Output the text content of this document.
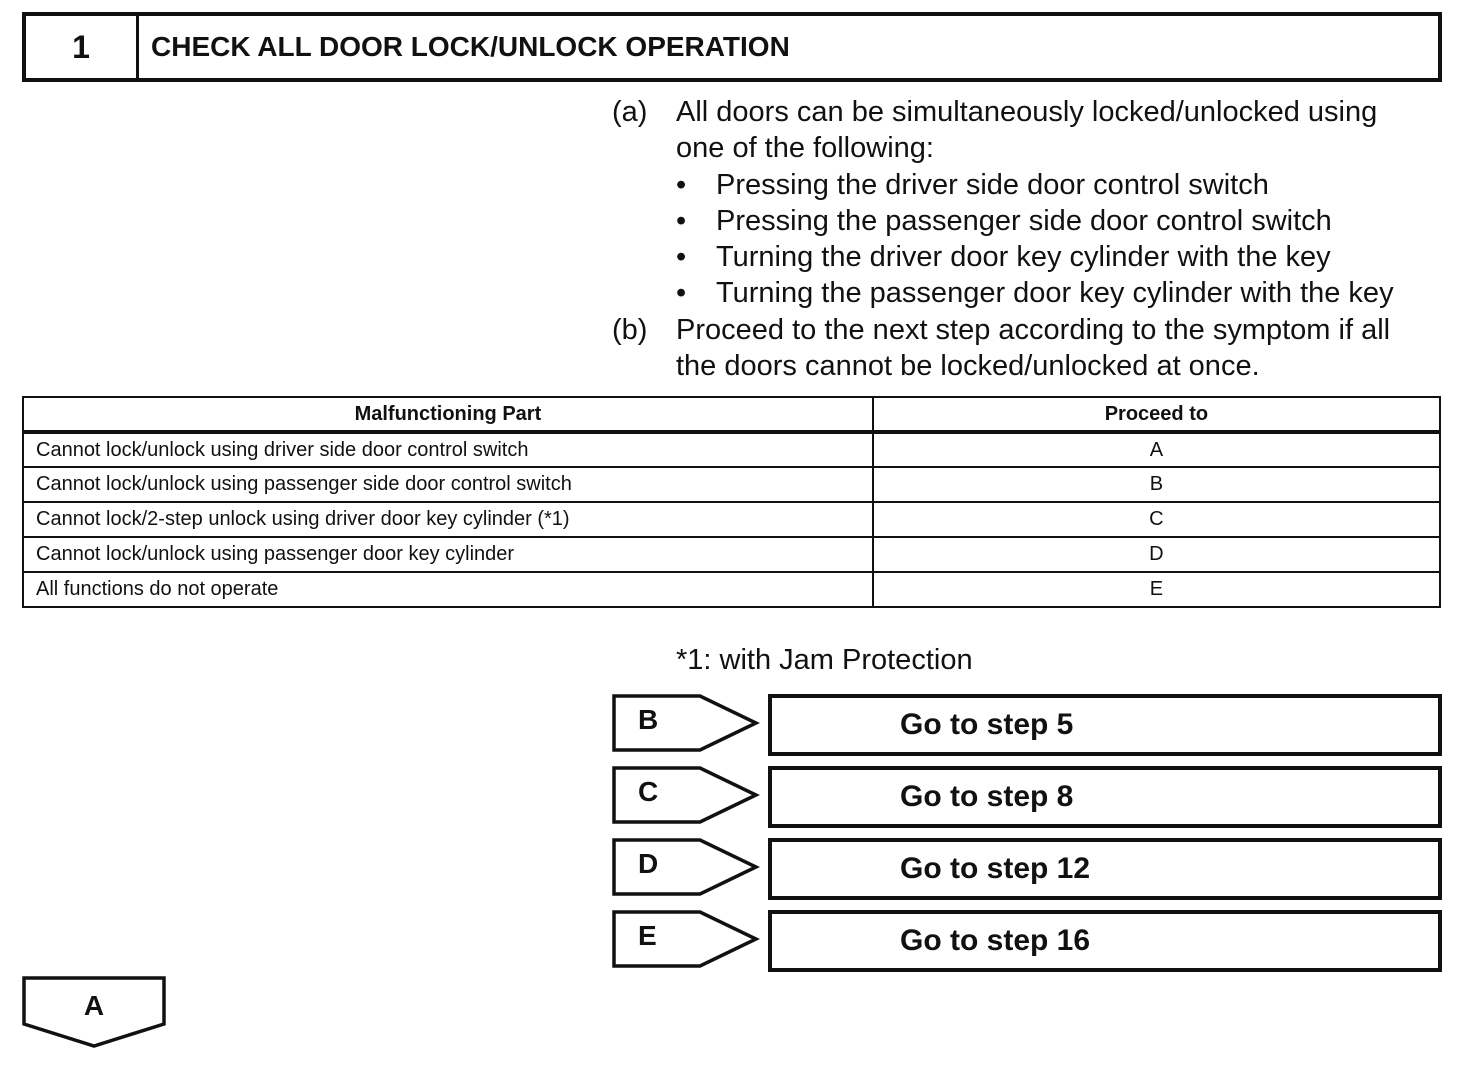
1	CHECK ALL DOOR LOCK/UNLOCK OPERATION
(a) All doors can be simultaneously locked/unlocked using
one of the following:
•	Pressing the driver side door control switch
•	Pressing the passenger side door control switch
•	Turning the driver door key cylinder with the key
•	Turning the passenger door key cylinder with the key
(b) Proceed to the next step according to the symptom if all
the doors cannot be locked/unlocked at once.
Malfunctioning Part	Proceed to
Cannot lock/unlock using driver side door control switch	A
Cannot lock/unlock using passenger side door control switch	B
Cannot lock/2-step unlock using driver door key cylinder (*1)	C
Cannot lock/unlock using passenger door key cylinder	D
All functions do not operate	E
*1: with Jam Protection
B	Go to step 5
C	Go to step 8
D	Go to step 12
E	Go to step 16
A
